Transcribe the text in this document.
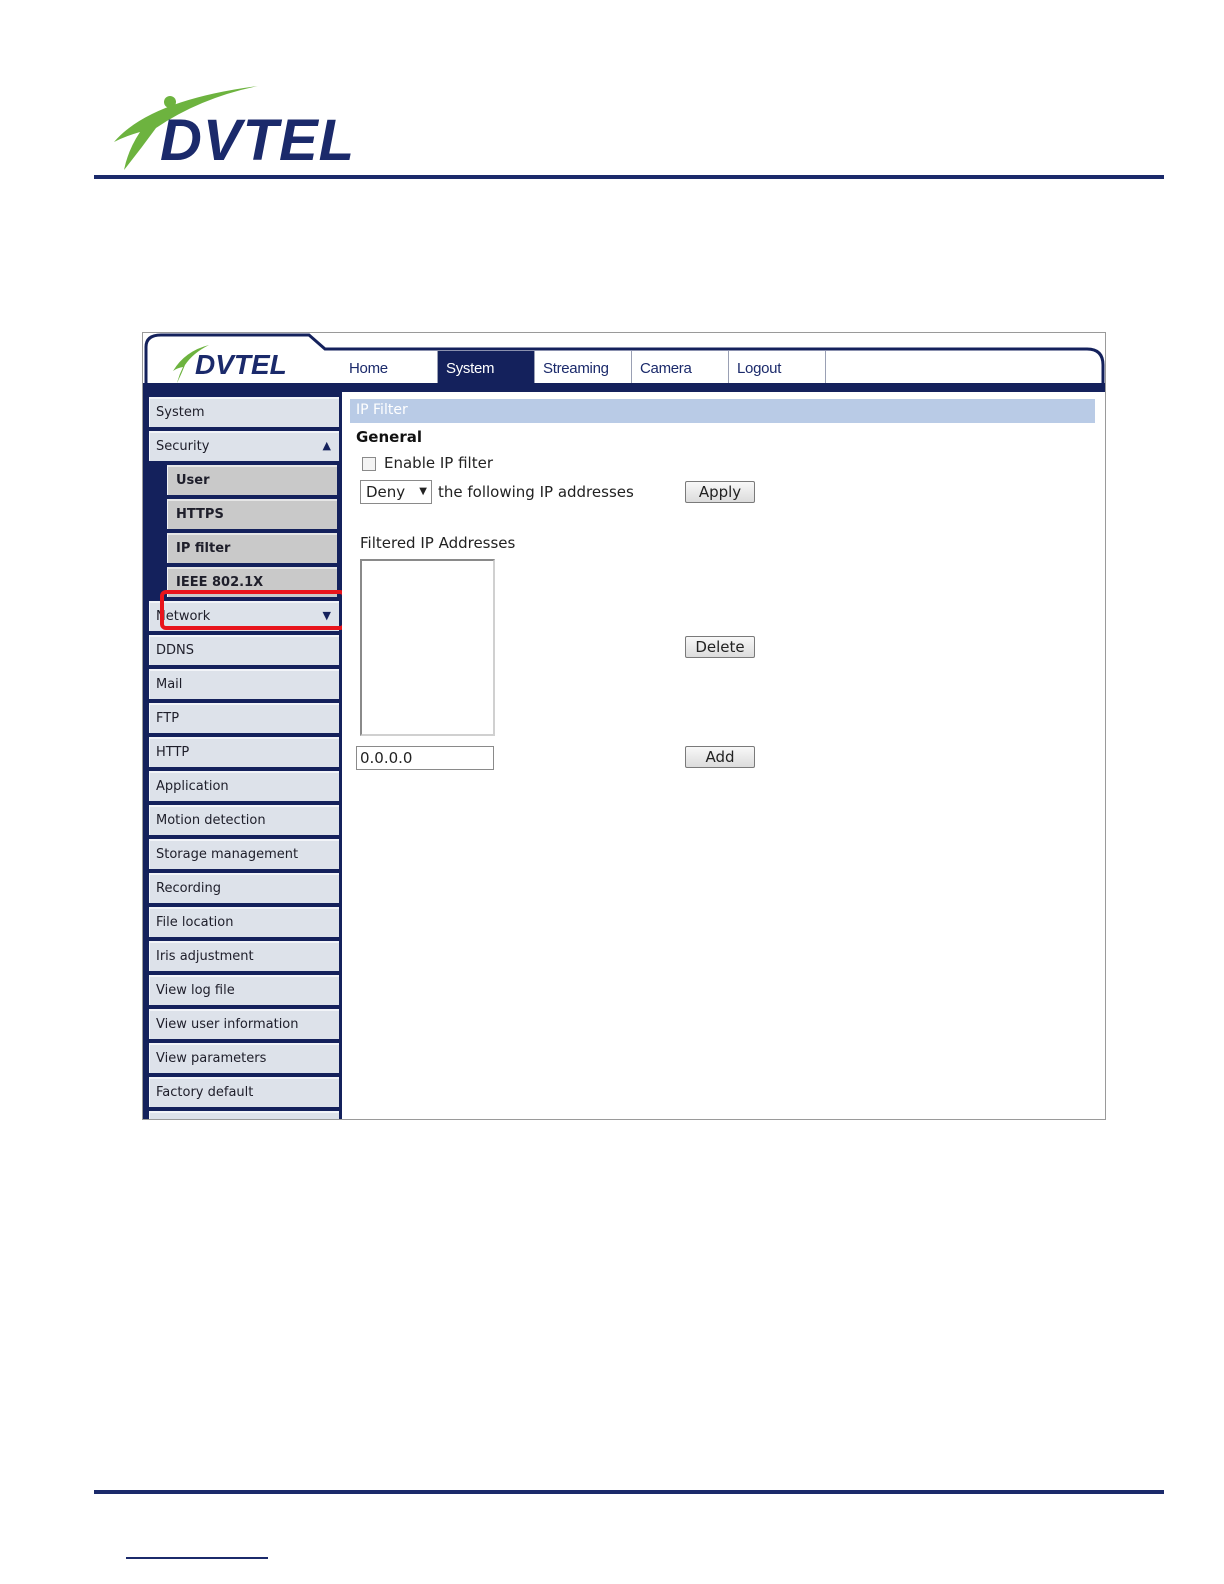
DVTEL
DVTEL	Home	System	Streaming	Camera	Logout
System
Security	▲
User
HTTPS
IP filter
IEEE 802.1X
Network	▼
DDNS
Mail
FTP
HTTP
Application
Motion detection
Storage management
Recording
File location
Iris adjustment
View log file
View user information
View parameters
Factory default
IP Filter
General
Enable IP filter
Deny ▼ the following IP addresses	Apply
Filtered IP Addresses
Delete
0.0.0.0	Add
